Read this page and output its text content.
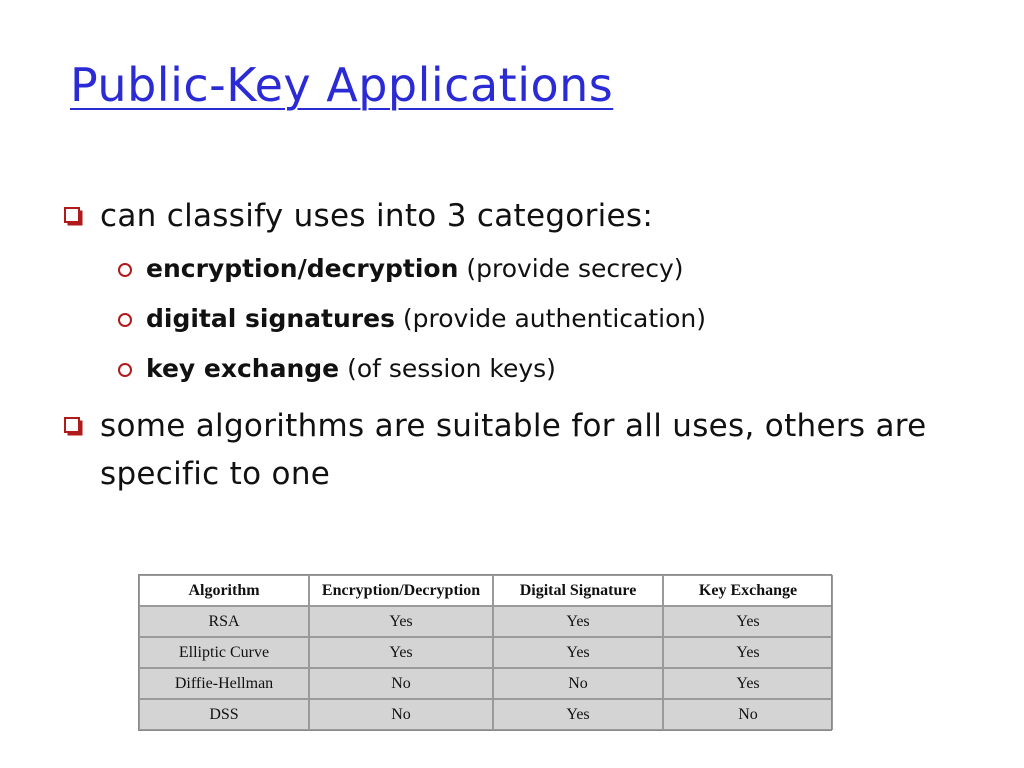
Public-Key Applications
can classify uses into 3 categories:
encryption/decryption (provide secrecy)
digital signatures (provide authentication)
key exchange (of session keys)
some algorithms are suitable for all uses, others are specific to one
Algorithm	Encryption/Decryption	Digital Signature	Key Exchange
RSA	Yes	Yes	Yes
Elliptic Curve	Yes	Yes	Yes
Diffie-Hellman	No	No	Yes
DSS	No	Yes	No
